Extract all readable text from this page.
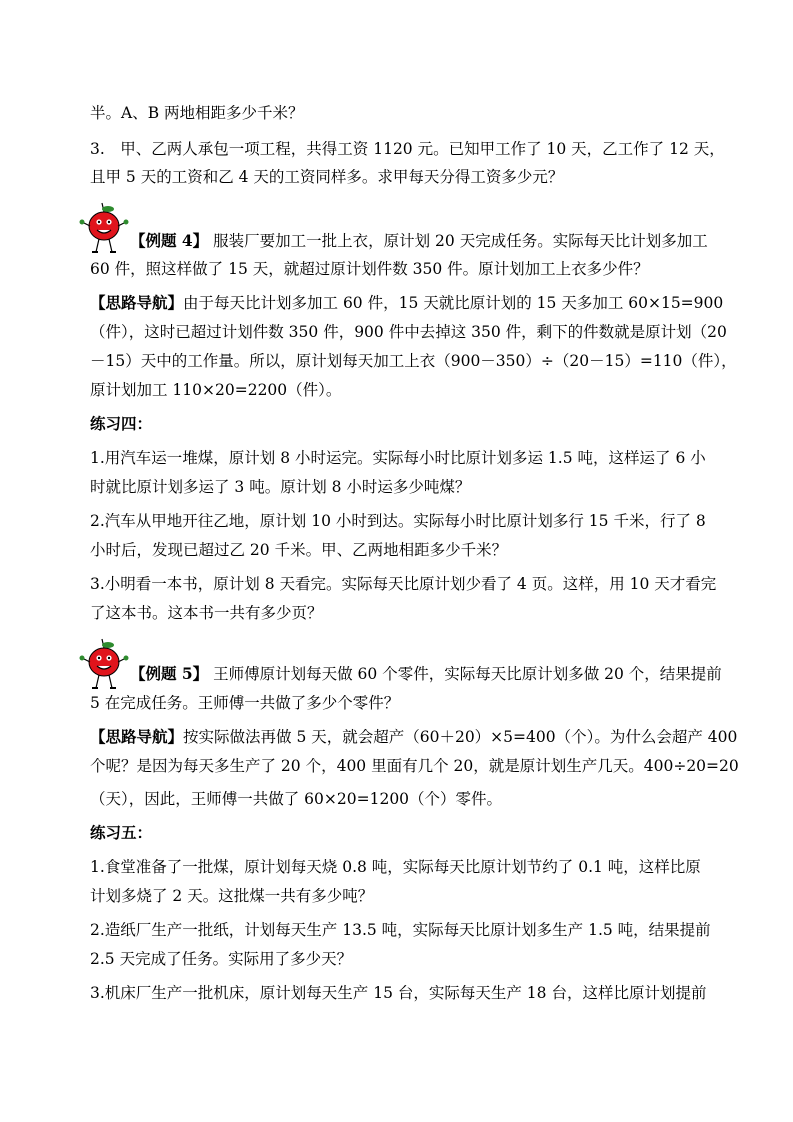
半。A、B 两地相距多少千米？
3.　甲、乙两人承包一项工程，共得工资 1120 元。已知甲工作了 10 天，乙工作了 12 天，
且甲 5 天的工资和乙 4 天的工资同样多。求甲每天分得工资多少元？
【例题 4】 服装厂要加工一批上衣，原计划 20 天完成任务。实际每天比计划多加工
60 件，照这样做了 15 天，就超过原计划件数 350 件。原计划加工上衣多少件？
【思路导航】由于每天比计划多加工 60 件，15 天就比原计划的 15 天多加工 60×15=900
（件），这时已超过计划件数 350 件，900 件中去掉这 350 件，剩下的件数就是原计划（20
－15）天中的工作量。所以，原计划每天加工上衣（900－350）÷（20－15）=110（件），
原计划加工 110×20=2200（件）。
练习四：
1.用汽车运一堆煤，原计划 8 小时运完。实际每小时比原计划多运 1.5 吨，这样运了 6 小
时就比原计划多运了 3 吨。原计划 8 小时运多少吨煤？
2.汽车从甲地开往乙地，原计划 10 小时到达。实际每小时比原计划多行 15 千米，行了 8
小时后，发现已超过乙 20 千米。甲、乙两地相距多少千米？
3.小明看一本书，原计划 8 天看完。实际每天比原计划少看了 4 页。这样，用 10 天才看完
了这本书。这本书一共有多少页？
【例题 5】 王师傅原计划每天做 60 个零件，实际每天比原计划多做 20 个，结果提前
5 在完成任务。王师傅一共做了多少个零件？
【思路导航】按实际做法再做 5 天，就会超产（60＋20）×5=400（个）。为什么会超产 400
个呢？是因为每天多生产了 20 个，400 里面有几个 20，就是原计划生产几天。400÷20=20
（天），因此，王师傅一共做了 60×20=1200（个）零件。
练习五：
1.食堂准备了一批煤，原计划每天烧 0.8 吨，实际每天比原计划节约了 0.1 吨，这样比原
计划多烧了 2 天。这批煤一共有多少吨？
2.造纸厂生产一批纸，计划每天生产 13.5 吨，实际每天比原计划多生产 1.5 吨，结果提前
2.5 天完成了任务。实际用了多少天？
3.机床厂生产一批机床，原计划每天生产 15 台，实际每天生产 18 台，这样比原计划提前
